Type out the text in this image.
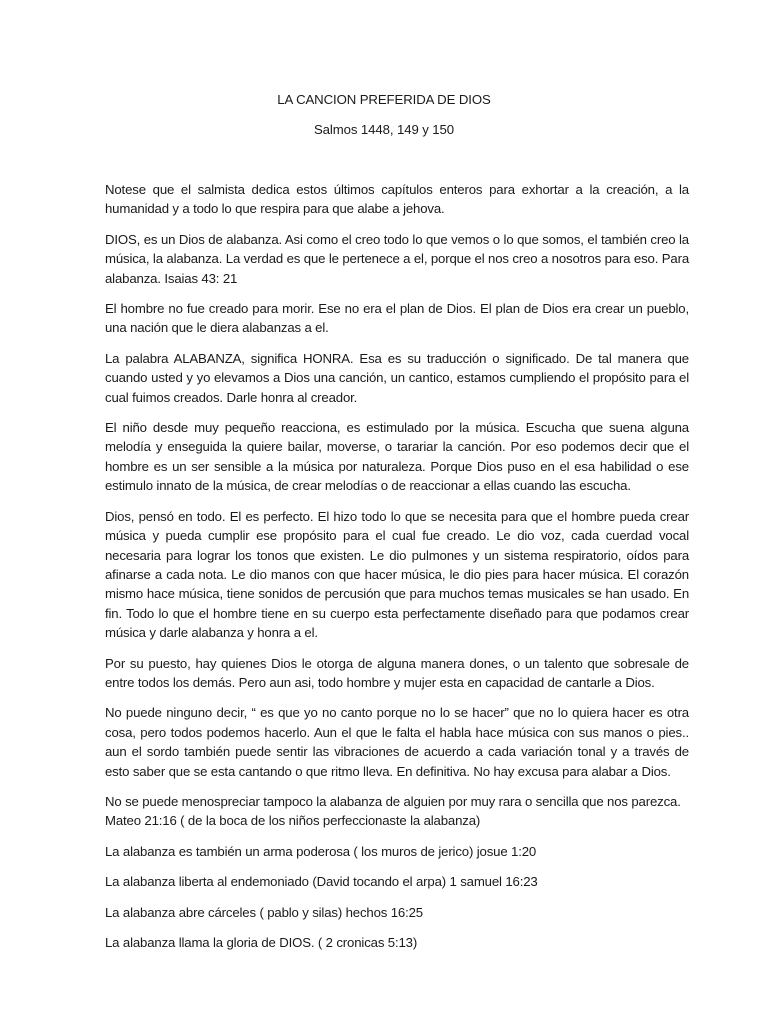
LA CANCION PREFERIDA DE DIOS
Salmos 1448, 149 y 150

Notese que el salmista dedica estos últimos capítulos enteros para exhortar a la creación, a la humanidad y a todo lo que respira para que alabe a jehova.

DIOS, es un Dios de alabanza. Asi como el creo todo lo que vemos o lo que somos, el también creo la música, la alabanza. La verdad es que le pertenece a el, porque el nos creo a nosotros para eso. Para alabanza. Isaias 43: 21

El hombre no fue creado para morir. Ese no era el plan de Dios. El plan de Dios era crear un pueblo, una nación que le diera alabanzas a el.

La palabra ALABANZA, significa HONRA. Esa es su traducción o significado. De tal manera que cuando usted y yo elevamos a Dios una canción, un cantico, estamos cumpliendo el propósito para el cual fuimos creados. Darle honra al creador.

El niño desde muy pequeño reacciona, es estimulado por la música. Escucha que suena alguna melodía y enseguida la quiere bailar, moverse, o tarariar la canción. Por eso podemos decir que el hombre es un ser sensible a la música por naturaleza. Porque Dios puso en el esa habilidad o ese estimulo innato de la música, de crear melodías o de reaccionar a ellas cuando las escucha.

Dios, pensó en todo. El es perfecto. El hizo todo lo que se necesita para que el hombre pueda crear música y pueda cumplir ese propósito para el cual fue creado. Le dio voz, cada cuerdad vocal necesaria para lograr los tonos que existen. Le dio pulmones y un sistema respiratorio, oídos para afinarse a cada nota. Le dio manos con que hacer música, le dio pies para hacer música. El corazón mismo hace música, tiene sonidos de percusión que para muchos temas musicales se han usado. En fin. Todo lo que el hombre tiene en su cuerpo esta perfectamente diseñado para que podamos crear música y darle alabanza y honra a el.

Por su puesto, hay quienes Dios le otorga de alguna manera dones, o un talento que sobresale de entre todos los demás. Pero aun asi, todo hombre y mujer esta en capacidad de cantarle a Dios.

No puede ninguno decir, “ es que yo no canto porque no lo se hacer” que no lo quiera hacer es otra cosa, pero todos podemos hacerlo. Aun el que le falta el habla hace música con sus manos o pies.. aun el sordo también puede sentir las vibraciones de acuerdo a cada variación tonal y a través de esto saber que se esta cantando o que ritmo lleva. En definitiva. No hay excusa para alabar a Dios.

No se puede menospreciar tampoco la alabanza de alguien por muy rara o sencilla que nos parezca. Mateo 21:16 ( de la boca de los niños perfeccionaste la alabanza)

La alabanza es también un arma poderosa ( los muros de jerico) josue 1:20

La alabanza liberta al endemoniado (David tocando el arpa) 1 samuel 16:23

La alabanza abre cárceles ( pablo y silas) hechos 16:25

La alabanza llama la gloria de DIOS. ( 2 cronicas 5:13)
